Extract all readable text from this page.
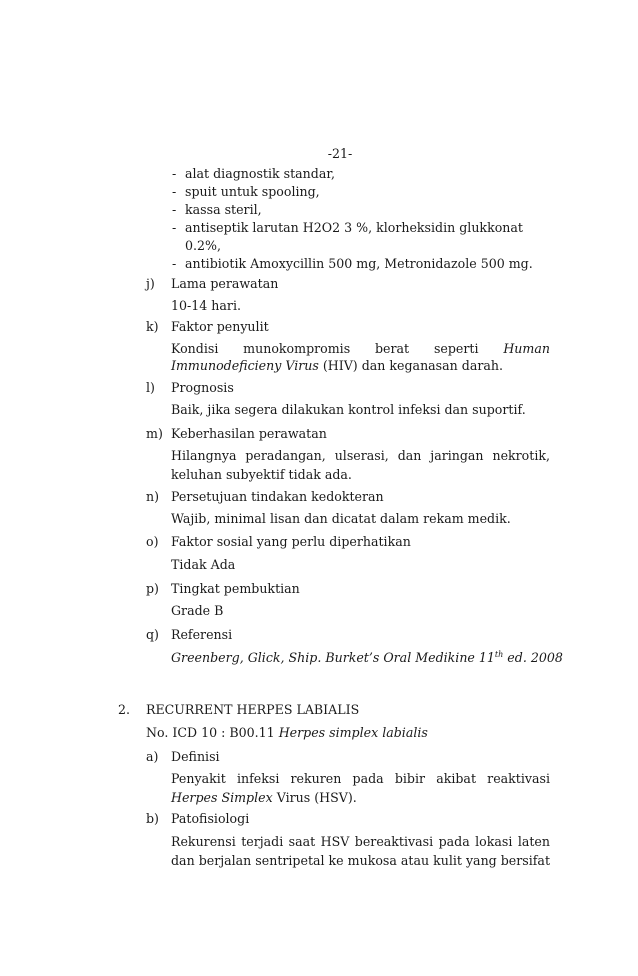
-21-
- alat diagnostik standar,
- spuit untuk spooling,
- kassa steril,
- antiseptik larutan H2O2 3 %, klorheksidin glukkonat
0.2%,
- antibiotik Amoxycillin 500 mg, Metronidazole 500 mg.
j) Lama perawatan
10-14 hari.
k) Faktor penyulit
Kondisi munokompromis berat seperti Human
Immunodeficieny Virus (HIV) dan keganasan darah.
l) Prognosis
Baik, jika segera dilakukan kontrol infeksi dan suportif.
m) Keberhasilan perawatan
Hilangnya peradangan, ulserasi, dan jaringan nekrotik, keluhan subyektif tidak ada.
n) Persetujuan tindakan kedokteran
Wajib, minimal lisan dan dicatat dalam rekam medik.
o) Faktor sosial yang perlu diperhatikan
Tidak Ada
p) Tingkat pembuktian
Grade B
q) Referensi
Greenberg, Glick, Ship. Burket’s Oral Medikine 11th ed. 2008
2. RECURRENT HERPES LABIALIS
No. ICD 10 : B00.11 Herpes simplex labialis
a) Definisi
Penyakit infeksi rekuren pada bibir akibat reaktivasi Herpes Simplex Virus (HSV).
b) Patofisiologi
Rekurensi terjadi saat HSV bereaktivasi pada lokasi laten dan berjalan sentripetal ke mukosa atau kulit yang bersifat
